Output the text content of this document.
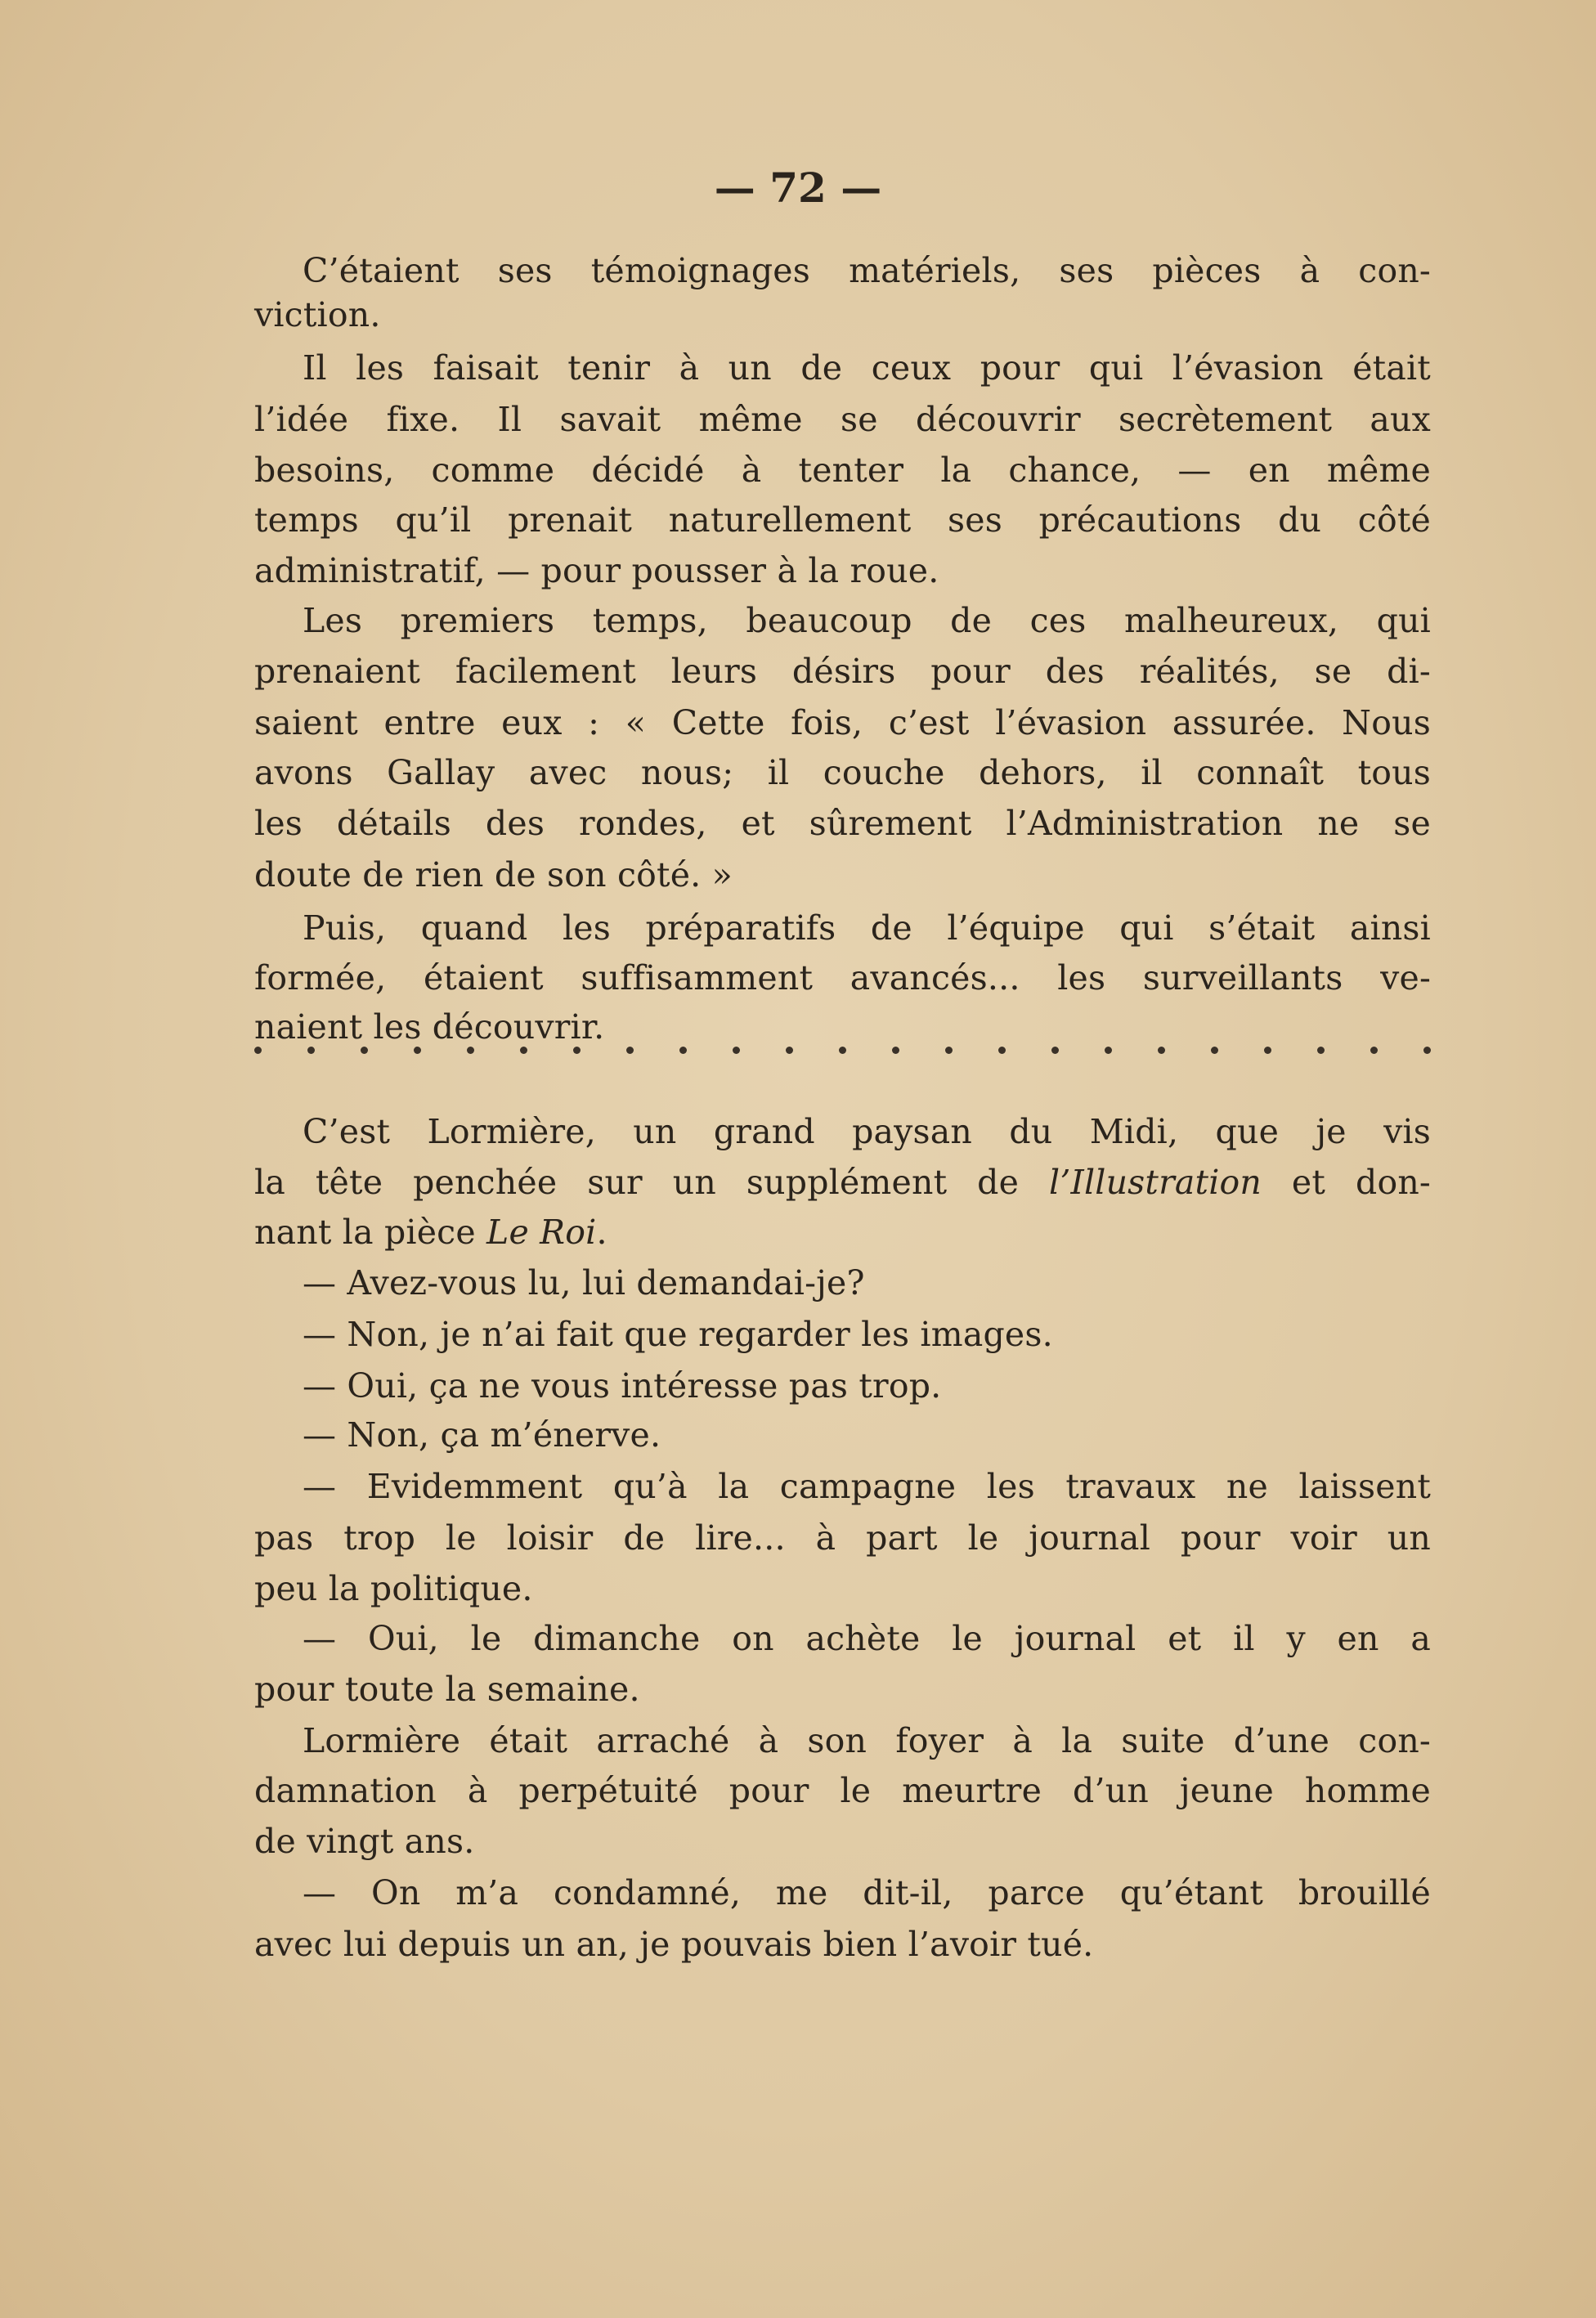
— 72 —
C’étaient ses témoignages matériels, ses pièces à con-
viction.
Il les faisait tenir à un de ceux pour qui l’évasion était
l’idée fixe. Il savait même se découvrir secrètement aux
besoins, comme décidé à tenter la chance, — en même
temps qu’il prenait naturellement ses précautions du côté
administratif, — pour pousser à la roue.
Les premiers temps, beaucoup de ces malheureux, qui
prenaient facilement leurs désirs pour des réalités, se di-
saient entre eux : « Cette fois, c’est l’évasion assurée. Nous
avons Gallay avec nous; il couche dehors, il connaît tous
les détails des rondes, et sûrement l’Administration ne se
doute de rien de son côté. »
Puis, quand les préparatifs de l’équipe qui s’était ainsi
formée, étaient suffisamment avancés... les surveillants ve-
naient les découvrir.
C’est Lormière, un grand paysan du Midi, que je vis
la tête penchée sur un supplément de l’Illustration et don-
nant la pièce Le Roi.
— Avez-vous lu, lui demandai-je?
— Non, je n’ai fait que regarder les images.
— Oui, ça ne vous intéresse pas trop.
— Non, ça m’énerve.
— Evidemment qu’à la campagne les travaux ne laissent
pas trop le loisir de lire... à part le journal pour voir un
peu la politique.
— Oui, le dimanche on achète le journal et il y en a
pour toute la semaine.
Lormière était arraché à son foyer à la suite d’une con-
damnation à perpétuité pour le meurtre d’un jeune homme
de vingt ans.
— On m’a condamné, me dit-il, parce qu’étant brouillé
avec lui depuis un an, je pouvais bien l’avoir tué.
